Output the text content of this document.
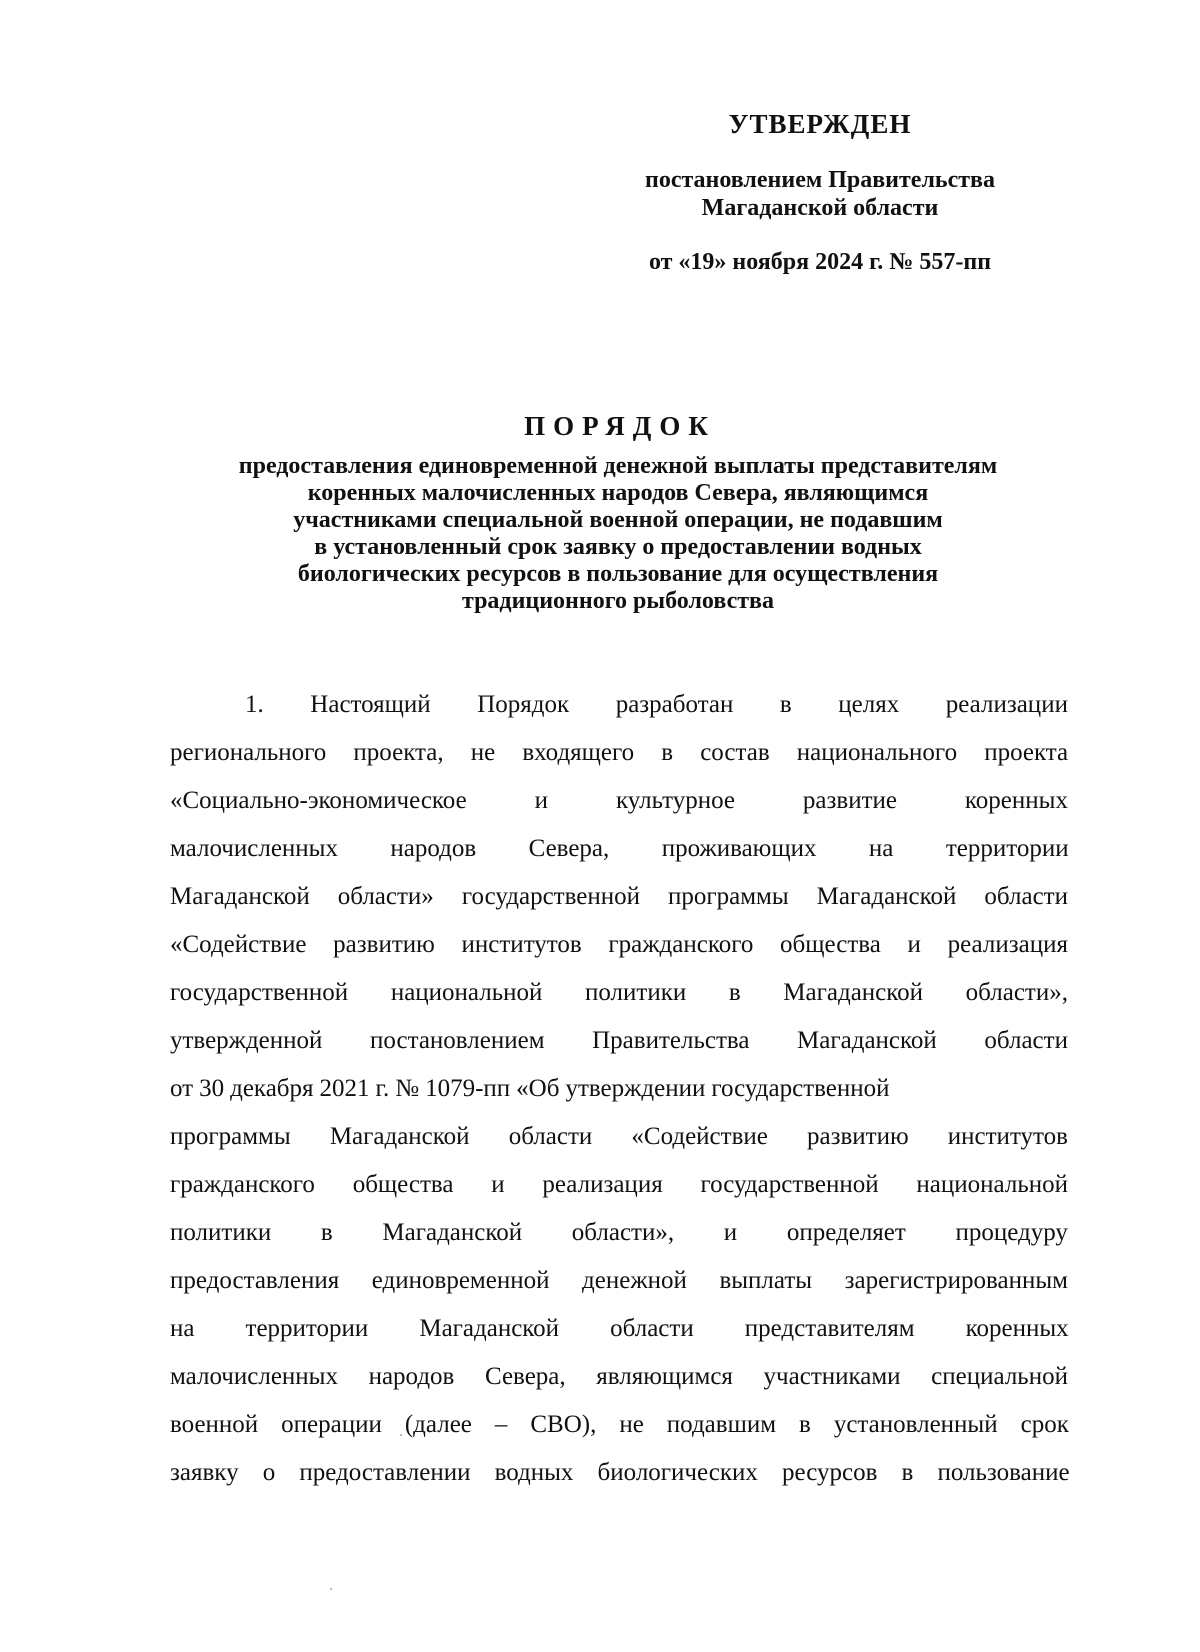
УТВЕРЖДЕН
постановлением Правительства
Магаданской области
от «19» ноября 2024 г. № 557-пп
ПОРЯДОК
предоставления единовременной денежной выплаты представителям
коренных малочисленных народов Севера, являющимся
участниками специальной военной операции, не подавшим
в установленный срок заявку о предоставлении водных
биологических ресурсов в пользование для осуществления
традиционного рыболовства
1. Настоящий Порядок разработан в целях реализации
регионального проекта, не входящего в состав национального проекта
«Социально-экономическое	и	культурное	развитие	коренных
малочисленных народов Севера, проживающих на территории
Магаданской области» государственной программы Магаданской области
«Содействие развитию институтов гражданского общества и реализация
государственной национальной политики в Магаданской области»,
утвержденной постановлением Правительства Магаданской области
от 30 декабря 2021 г. № 1079-пп «Об утверждении государственной
программы Магаданской области «Содействие развитию институтов
гражданского общества и реализация государственной национальной
политики в Магаданской области», и определяет процедуру
предоставления единовременной денежной выплаты зарегистрированным
на территории Магаданской области представителям коренных
малочисленных народов Севера, являющимся участниками специальной
военной операции (далее – СВО), не подавшим в установленный срок
заявку о предоставлении водных биологических ресурсов в пользование
